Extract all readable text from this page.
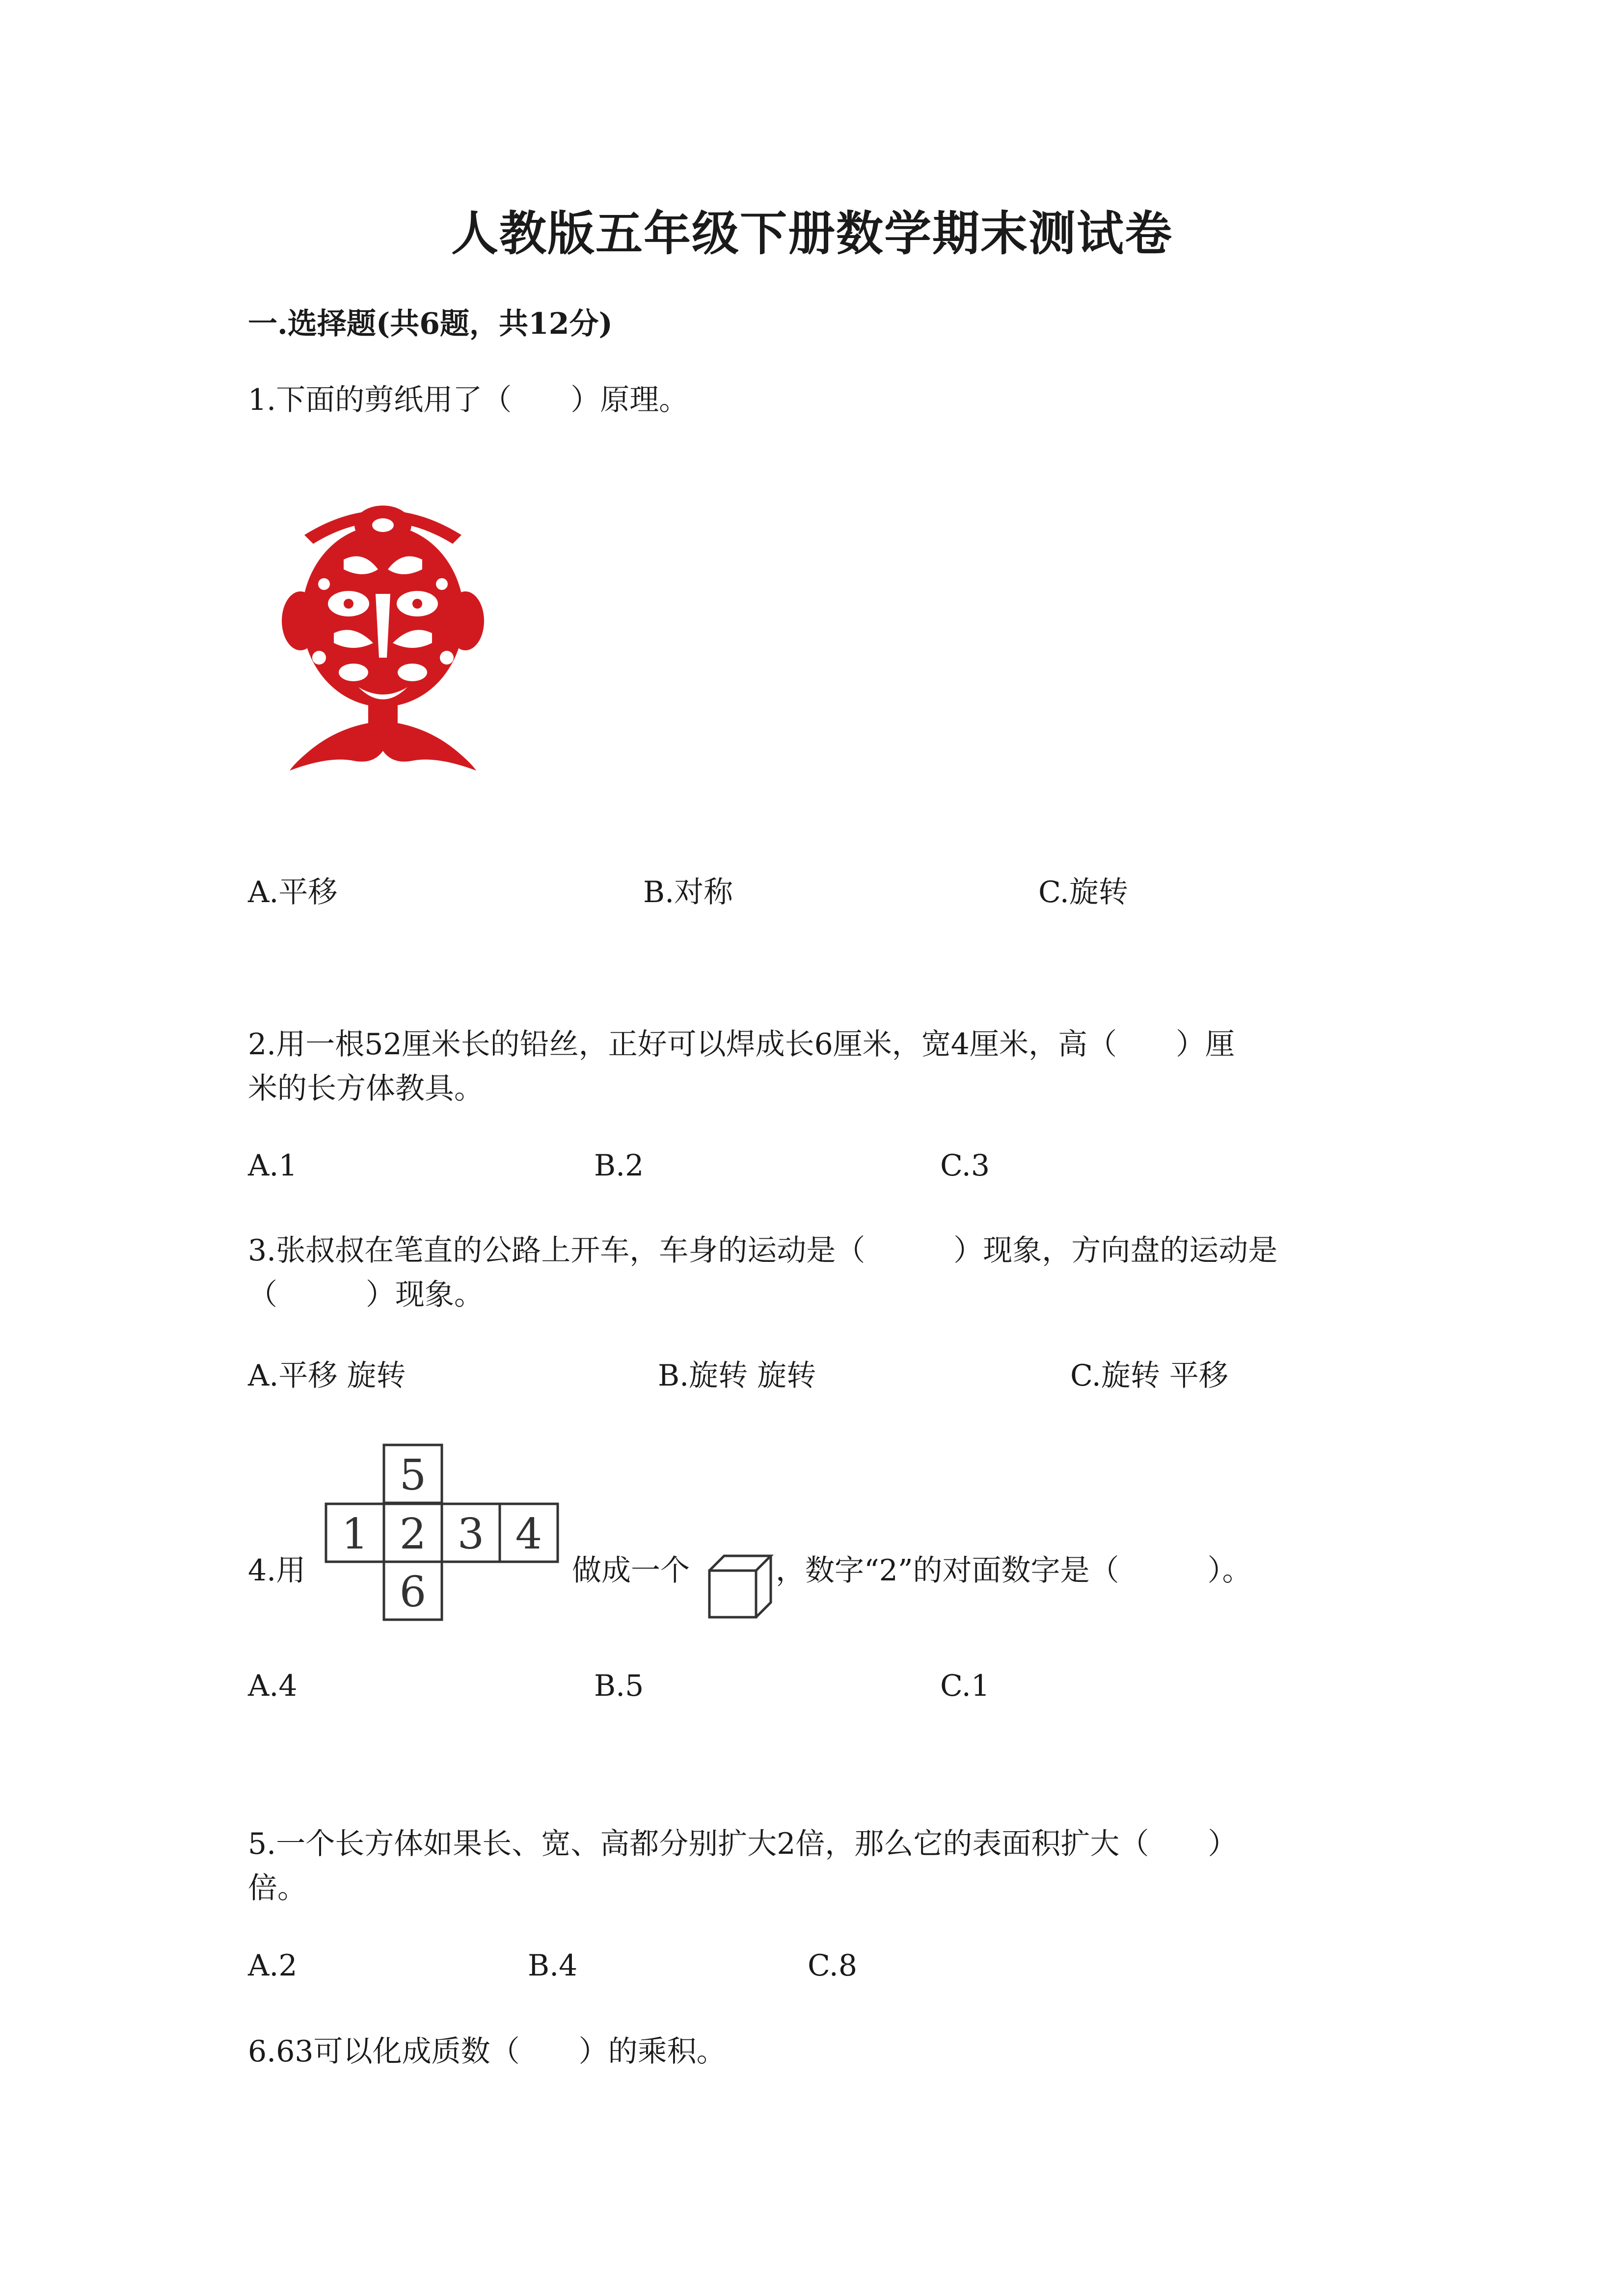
人教版五年级下册数学期末测试卷
一.选择题(共6题，共12分)
1.下面的剪纸用了（　　）原理。
A.平移	B.对称	C.旋转
2.用一根52厘米长的铅丝，正好可以焊成长6厘米，宽4厘米，高（　　）厘
米的长方体教具。
A.1	B.2	C.3
3.张叔叔在笔直的公路上开车，车身的运动是（　　　）现象，方向盘的运动是
（　　　）现象。
A.平移 旋转	B.旋转 旋转	C.旋转 平移
4.用
5
1 2 3 4
6	做成一个	，数字“2”的对面数字是（　　　）。
A.4	B.5	C.1
5.一个长方体如果长、宽、高都分别扩大2倍，那么它的表面积扩大（　　）
倍。
A.2	B.4	C.8
6.63可以化成质数（　　）的乘积。
